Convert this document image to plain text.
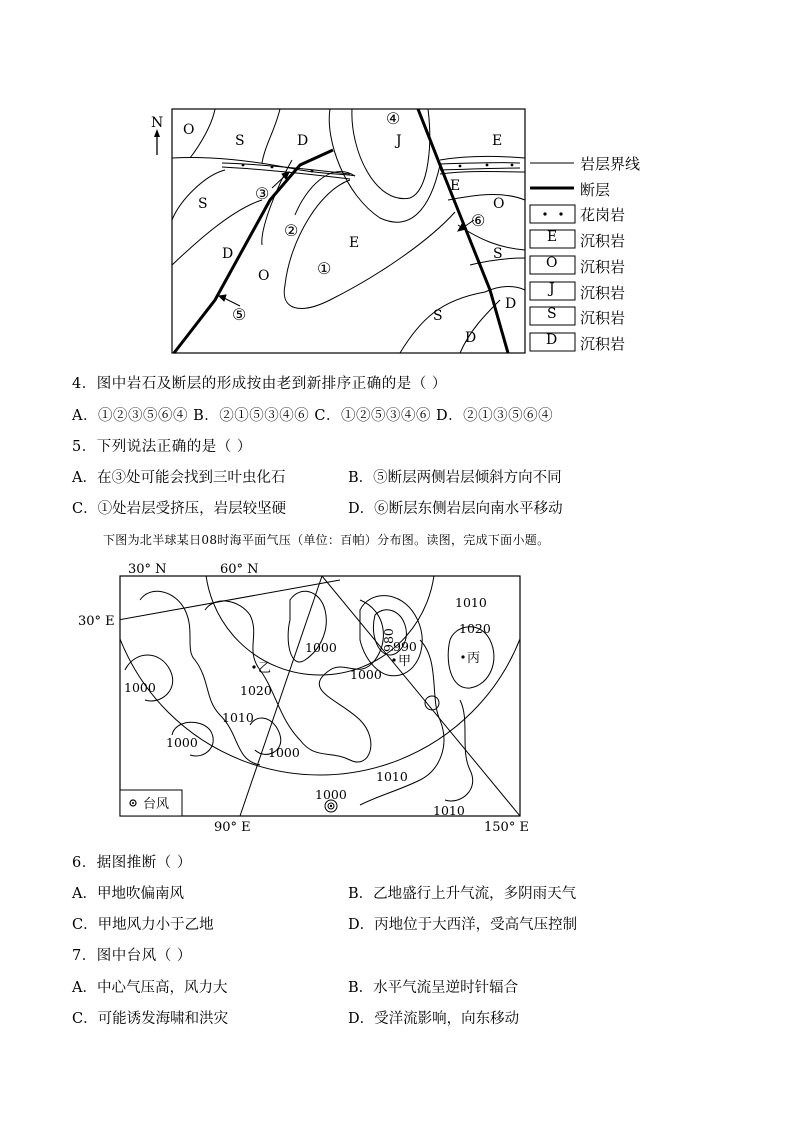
N O
S	D	J
E
S
D
O
E
E
O
S
D
S
D
①
②
③
④
⑤
⑥
E
O
J
S
D
岩层界线
断层
花岗岩
沉积岩
沉积岩
沉积岩
沉积岩
沉积岩
4．图中岩石及断层的形成按由老到新排序正确的是（ ）
A．①②③⑤⑥④ B．②①⑤③④⑥ C．①②⑤③④⑥ D．②①③⑤⑥④
5．下列说法正确的是（ ）
A．在③处可能会找到三叶虫化石	B．⑤断层两侧岩层倾斜方向不同
C．①处岩层受挤压，岩层较坚硬	D．⑥断层东侧岩层向南水平移动
下图为北半球某日08时海平面气压（单位：百帕）分布图。读图，完成下面小题。
30° N	60° N
30° E
90° E	150° E
1010
1020
1000	980
990
1000
1000	1020
1010
1000
1000
1010
1000
1010
乙	甲	丙
台风
6．据图推断（ ）
A．甲地吹偏南风	B．乙地盛行上升气流，多阴雨天气
C．甲地风力小于乙地	D．丙地位于大西洋，受高气压控制
7．图中台风（ ）
A．中心气压高，风力大	B．水平气流呈逆时针辐合
C．可能诱发海啸和洪灾	D．受洋流影响，向东移动
